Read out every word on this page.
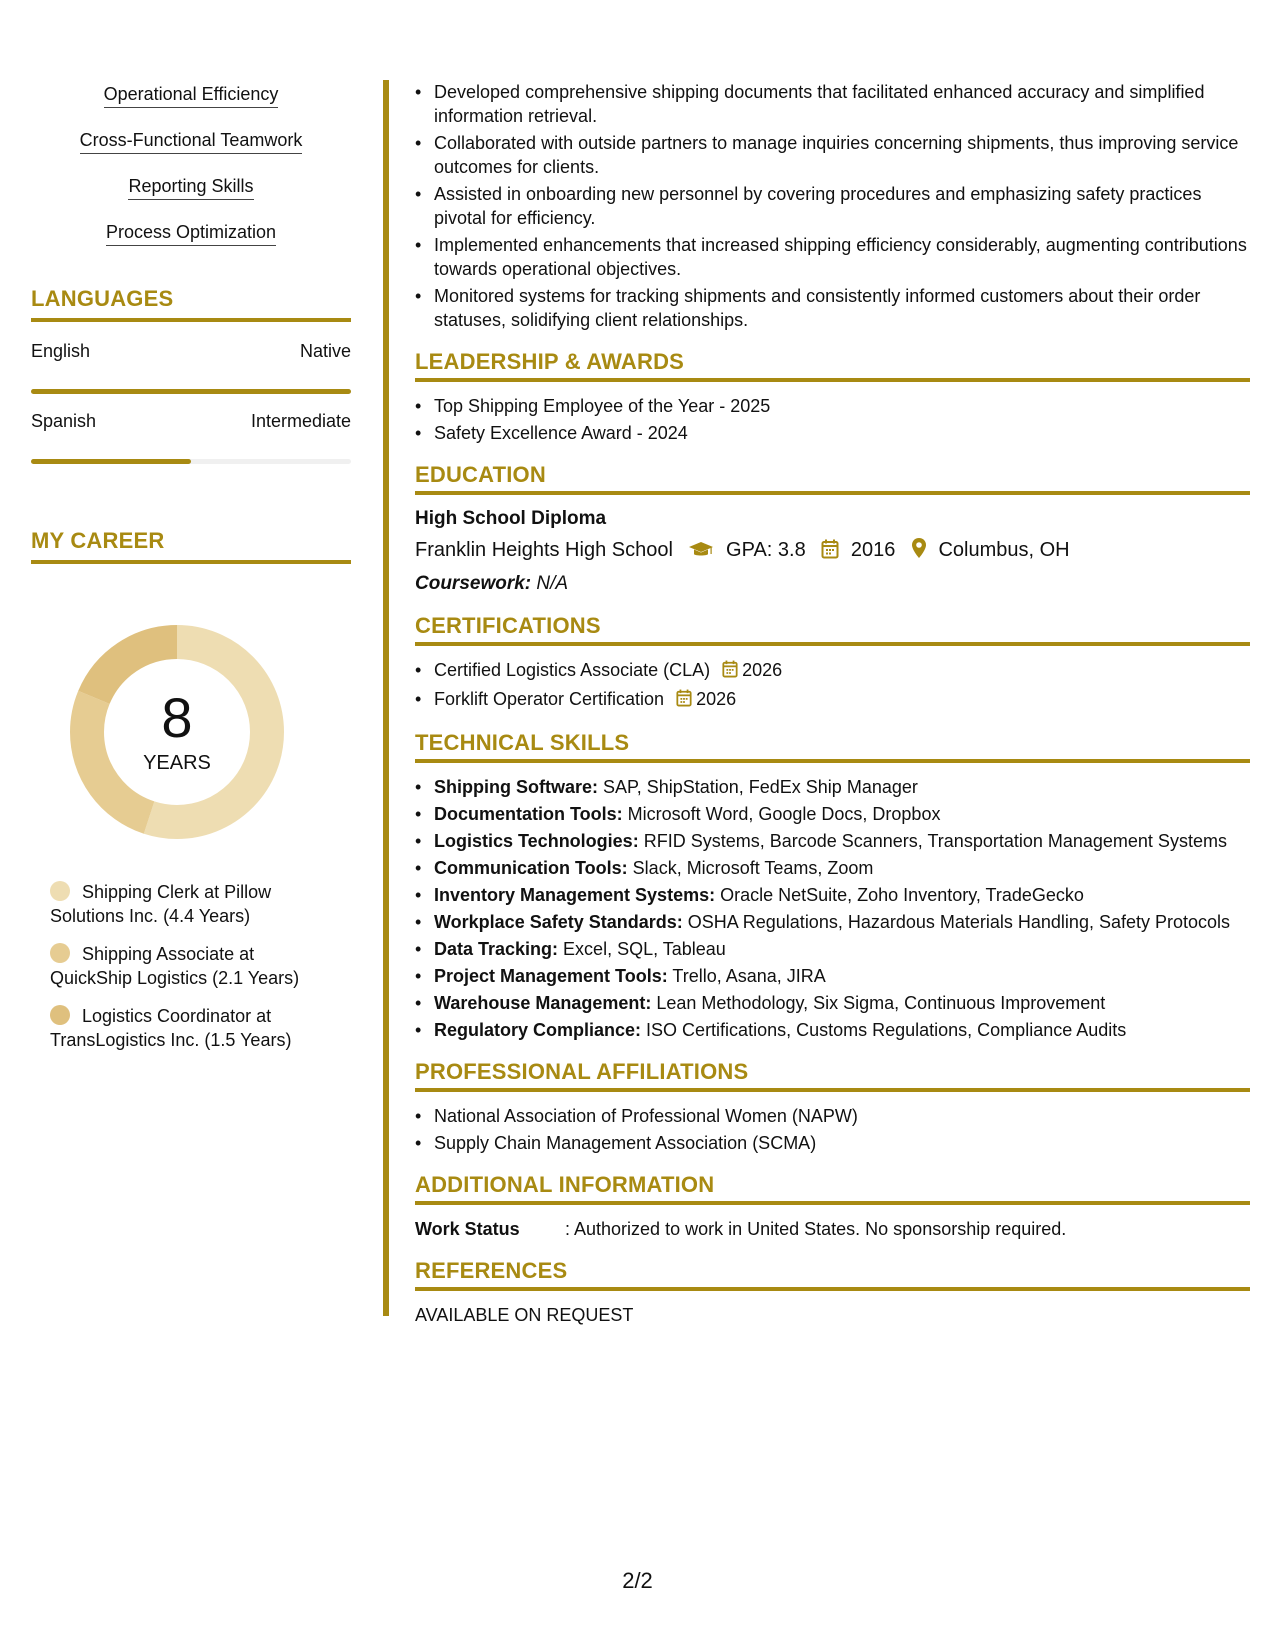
Operational Efficiency
Cross-Functional Teamwork
Reporting Skills
Process Optimization
LANGUAGES
English	Native
Spanish	Intermediate
MY CAREER
8
YEARS
Shipping Clerk at Pillow Solutions Inc. (4.4 Years)
Shipping Associate at QuickShip Logistics (2.1 Years)
Logistics Coordinator at TransLogistics Inc. (1.5 Years)
• Developed comprehensive shipping documents that facilitated enhanced accuracy and simplified information retrieval.
• Collaborated with outside partners to manage inquiries concerning shipments, thus improving service outcomes for clients.
• Assisted in onboarding new personnel by covering procedures and emphasizing safety practices pivotal for efficiency.
• Implemented enhancements that increased shipping efficiency considerably, augmenting contributions towards operational objectives.
• Monitored systems for tracking shipments and consistently informed customers about their order statuses, solidifying client relationships.
LEADERSHIP & AWARDS
• Top Shipping Employee of the Year - 2025
• Safety Excellence Award - 2024
EDUCATION
High School Diploma
Franklin Heights High School	GPA: 3.8 2016 Columbus, OH
Coursework: N/A
CERTIFICATIONS
• Certified Logistics Associate (CLA) 2026
• Forklift Operator Certification 2026
TECHNICAL SKILLS
• Shipping Software: SAP, ShipStation, FedEx Ship Manager
• Documentation Tools: Microsoft Word, Google Docs, Dropbox
• Logistics Technologies: RFID Systems, Barcode Scanners, Transportation Management Systems
• Communication Tools: Slack, Microsoft Teams, Zoom
• Inventory Management Systems: Oracle NetSuite, Zoho Inventory, TradeGecko
• Workplace Safety Standards: OSHA Regulations, Hazardous Materials Handling, Safety Protocols
• Data Tracking: Excel, SQL, Tableau
• Project Management Tools: Trello, Asana, JIRA
• Warehouse Management: Lean Methodology, Six Sigma, Continuous Improvement
• Regulatory Compliance: ISO Certifications, Customs Regulations, Compliance Audits
PROFESSIONAL AFFILIATIONS
• National Association of Professional Women (NAPW)
• Supply Chain Management Association (SCMA)
ADDITIONAL INFORMATION
Work Status	: Authorized to work in United States. No sponsorship required.
REFERENCES
AVAILABLE ON REQUEST
2/2
